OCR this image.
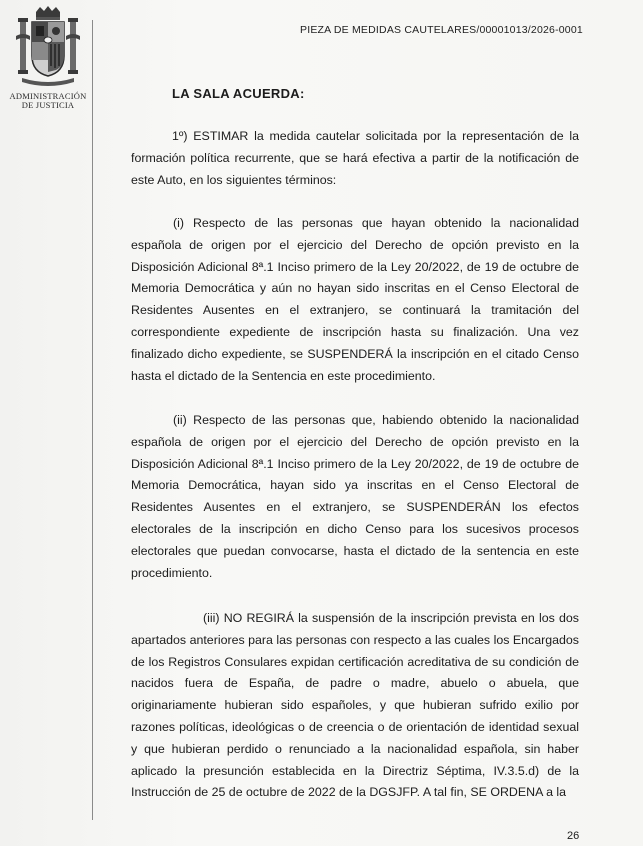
ADMINISTRACIÓN
DE JUSTICIA
PIEZA DE MEDIDAS CAUTELARES/00001013/2026-0001
LA SALA ACUERDA:
1º) ESTIMAR la medida cautelar solicitada por la representación de la formación política recurrente, que se hará efectiva a partir de la notificación de este Auto, en los siguientes términos:
(i) Respecto de las personas que hayan obtenido la nacionalidad española de origen por el ejercicio del Derecho de opción previsto en la Disposición Adicional 8ª.1 Inciso primero de la Ley 20/2022, de 19 de octubre de Memoria Democrática y aún no hayan sido inscritas en el Censo Electoral de Residentes Ausentes en el extranjero, se continuará la tramitación del correspondiente expediente de inscripción hasta su finalización. Una vez finalizado dicho expediente, se SUSPENDERÁ la inscripción en el citado Censo hasta el dictado de la Sentencia en este procedimiento.
(ii) Respecto de las personas que, habiendo obtenido la nacionalidad española de origen por el ejercicio del Derecho de opción previsto en la Disposición Adicional 8ª.1 Inciso primero de la Ley 20/2022, de 19 de octubre de Memoria Democrática, hayan sido ya inscritas en el Censo Electoral de Residentes Ausentes en el extranjero, se SUSPENDERÁN los efectos electorales de la inscripción en dicho Censo para los sucesivos procesos electorales que puedan convocarse, hasta el dictado de la sentencia en este procedimiento.
(iii) NO REGIRÁ la suspensión de la inscripción prevista en los dos apartados anteriores para las personas con respecto a las cuales los Encargados de los Registros Consulares expidan certificación acreditativa de su condición de nacidos fuera de España, de padre o madre, abuelo o abuela, que originariamente hubieran sido españoles, y que hubieran sufrido exilio por razones políticas, ideológicas o de creencia o de orientación de identidad sexual y que hubieran perdido o renunciado a la nacionalidad española, sin haber aplicado la presunción establecida en la Directriz Séptima, IV.3.5.d) de la Instrucción de 25 de octubre de 2022 de la DGSJFP. A tal fin, SE ORDENA a la
26
